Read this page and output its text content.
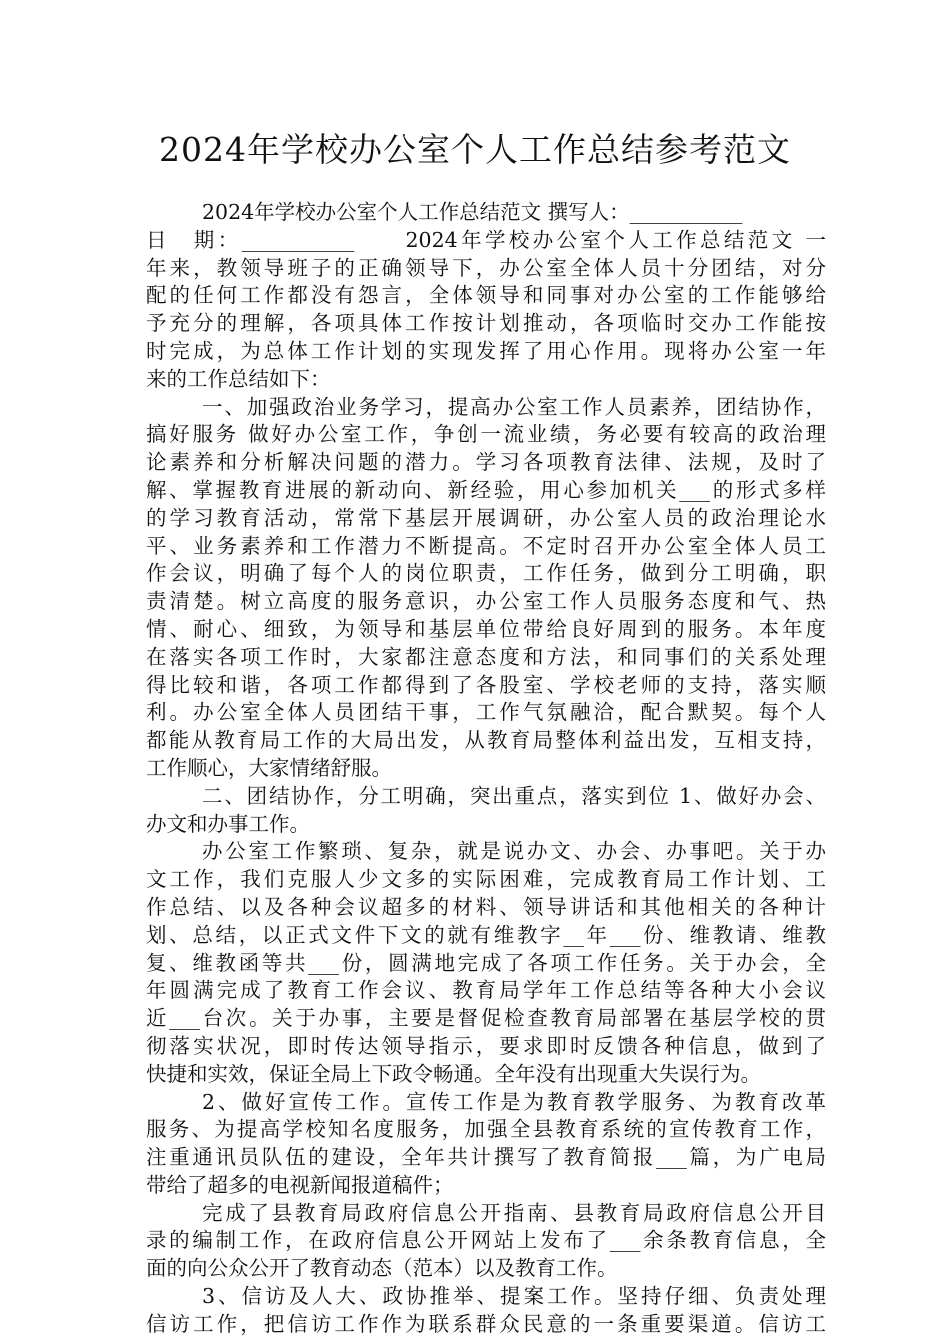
2024年学校办公室个人工作总结参考范文
2024年学校办公室个人工作总结范文 撰写人：___________
日　期：___________　　2024年学校办公室个人工作总结范文 一
年来，教领导班子的正确领导下，办公室全体人员十分团结，对分
配的任何工作都没有怨言，全体领导和同事对办公室的工作能够给
予充分的理解，各项具体工作按计划推动，各项临时交办工作能按
时完成，为总体工作计划的实现发挥了用心作用。现将办公室一年
来的工作总结如下：
一、加强政治业务学习，提高办公室工作人员素养，团结协作，
搞好服务 做好办公室工作，争创一流业绩，务必要有较高的政治理
论素养和分析解决问题的潜力。学习各项教育法律、法规，及时了
解、掌握教育进展的新动向、新经验，用心参加机关___的形式多样
的学习教育活动，常常下基层开展调研，办公室人员的政治理论水
平、业务素养和工作潜力不断提高。不定时召开办公室全体人员工
作会议，明确了每个人的岗位职责，工作任务，做到分工明确，职
责清楚。树立高度的服务意识，办公室工作人员服务态度和气、热
情、耐心、细致，为领导和基层单位带给良好周到的服务。本年度
在落实各项工作时，大家都注意态度和方法，和同事们的关系处理
得比较和谐，各项工作都得到了各股室、学校老师的支持，落实顺
利。办公室全体人员团结干事，工作气氛融洽，配合默契。每个人
都能从教育局工作的大局出发，从教育局整体利益出发，互相支持，
工作顺心，大家情绪舒服。
二、团结协作，分工明确，突出重点，落实到位 1、做好办会、
办文和办事工作。
办公室工作繁琐、复杂，就是说办文、办会、办事吧。关于办
文工作，我们克服人少文多的实际困难，完成教育局工作计划、工
作总结、以及各种会议超多的材料、领导讲话和其他相关的各种计
划、总结，以正式文件下文的就有维教字__年___份、维教请、维教
复、维教函等共___份，圆满地完成了各项工作任务。关于办会，全
年圆满完成了教育工作会议、教育局学年工作总结等各种大小会议
近___台次。关于办事，主要是督促检查教育局部署在基层学校的贯
彻落实状况，即时传达领导指示，要求即时反馈各种信息，做到了
快捷和实效，保证全局上下政令畅通。全年没有出现重大失误行为。
2、做好宣传工作。宣传工作是为教育教学服务、为教育改革
服务、为提高学校知名度服务，加强全县教育系统的宣传教育工作，
注重通讯员队伍的建设，全年共计撰写了教育简报___篇，为广电局
带给了超多的电视新闻报道稿件；
完成了县教育局政府信息公开指南、县教育局政府信息公开目
录的编制工作，在政府信息公开网站上发布了___余条教育信息，全
面的向公众公开了教育动态（范本）以及教育工作。
3、信访及人大、政协推举、提案工作。坚持仔细、负责处理
信访工作，把信访工作作为联系群众民意的一条重要渠道。信访工
